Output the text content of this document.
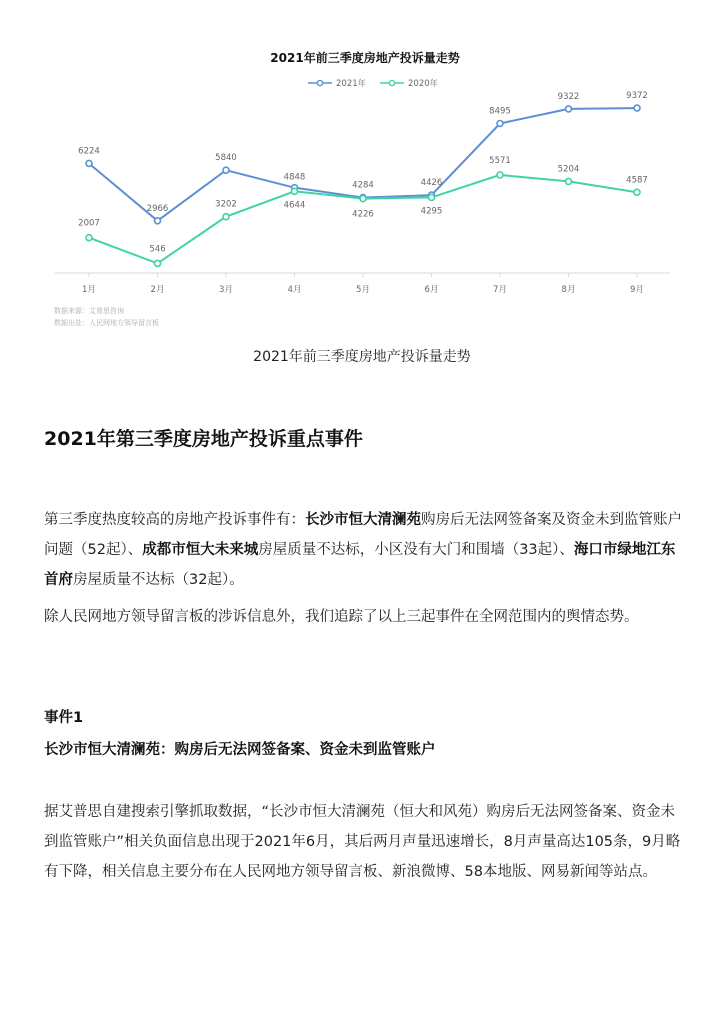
2021年前三季度房地产投诉量走势
2021年	2020年
6224
2966
5840
4848
4284	4426
8495
9322	9372
2007
546
3202	4644
4226	4295
5571
5204
4587
1月	2月	3月	4月	5月	6月	7月	8月	9月
数据来源：艾普思咨询
数据出处：人民网地方领导留言板
2021年前三季度房地产投诉量走势
2021年第三季度房地产投诉重点事件

第三季度热度较高的房地产投诉事件有：长沙市恒大清澜苑购房后无法网签备案及资金未到监管账户问题（52起）、成都市恒大未来城房屋质量不达标，小区没有大门和围墙（33起）、海口市绿地江东首府房屋质量不达标（32起）。

除人民网地方领导留言板的涉诉信息外，我们追踪了以上三起事件在全网范围内的舆情态势。

事件1

长沙市恒大清澜苑：购房后无法网签备案、资金未到监管账户

据艾普思自建搜索引擎抓取数据，“长沙市恒大清澜苑（恒大和风苑）购房后无法网签备案、资金未到监管账户”相关负面信息出现于2021年6月，其后两月声量迅速增长，8月声量高达105条，9月略有下降，相关信息主要分布在人民网地方领导留言板、新浪微博、58本地版、网易新闻等站点。
